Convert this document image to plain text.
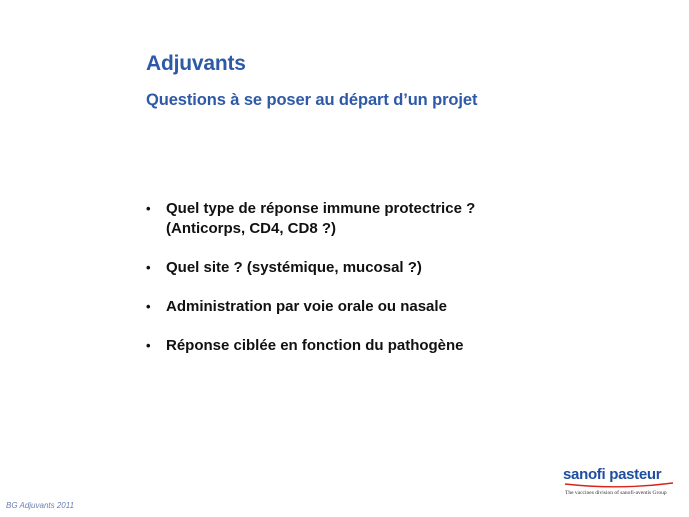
Adjuvants
Questions à se poser au départ d’un projet
• Quel type de réponse immune protectrice ?
(Anticorps, CD4, CD8 ?)
• Quel site ? (systémique, mucosal ?)
• Administration par voie orale ou nasale
• Réponse ciblée en fonction du pathogène
BG Adjuvants 2011
sanofi pasteur
The vaccines division of sanofi-aventis Group
